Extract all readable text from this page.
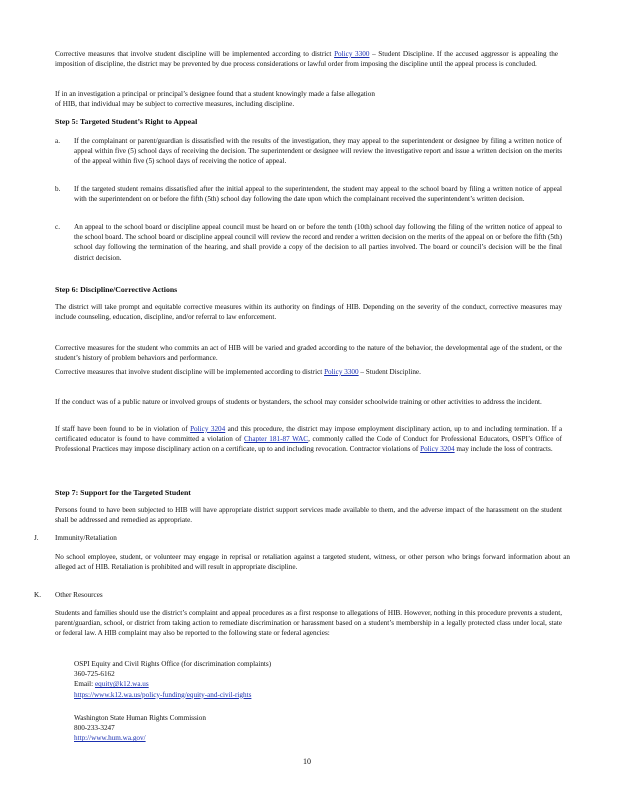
Corrective measures that involve student discipline will be implemented according to district Policy 3300 – Student Discipline. If the accused aggressor is appealing the imposition of discipline, the district may be prevented by due process considerations or lawful order from imposing the discipline until the appeal process is concluded.
If in an investigation a principal or principal’s designee found that a student knowingly made a false allegation of HIB, that individual may be subject to corrective measures, including discipline.
Step 5: Targeted Student’s Right to Appeal
a. If the complainant or parent/guardian is dissatisfied with the results of the investigation, they may appeal to the superintendent or designee by filing a written notice of appeal within five (5) school days of receiving the decision. The superintendent or designee will review the investigative report and issue a written decision on the merits of the appeal within five (5) school days of receiving the notice of appeal.
b. If the targeted student remains dissatisfied after the initial appeal to the superintendent, the student may appeal to the school board by filing a written notice of appeal with the superintendent on or before the fifth (5th) school day following the date upon which the complainant received the superintendent’s written decision.
c. An appeal to the school board or discipline appeal council must be heard on or before the tenth (10th) school day following the filing of the written notice of appeal to the school board. The school board or discipline appeal council will review the record and render a written decision on the merits of the appeal on or before the fifth (5th) school day following the termination of the hearing, and shall provide a copy of the decision to all parties involved. The board or council’s decision will be the final district decision.
Step 6: Discipline/Corrective Actions
The district will take prompt and equitable corrective measures within its authority on findings of HIB. Depending on the severity of the conduct, corrective measures may include counseling, education, discipline, and/or referral to law enforcement.
Corrective measures for the student who commits an act of HIB will be varied and graded according to the nature of the behavior, the developmental age of the student, or the student’s history of problem behaviors and performance.
Corrective measures that involve student discipline will be implemented according to district Policy 3300 – Student Discipline.
If the conduct was of a public nature or involved groups of students or bystanders, the school may consider schoolwide training or other activities to address the incident.
If staff have been found to be in violation of Policy 3204 and this procedure, the district may impose employment disciplinary action, up to and including termination. If a certificated educator is found to have committed a violation of Chapter 181-87 WAC, commonly called the Code of Conduct for Professional Educators, OSPI’s Office of Professional Practices may impose disciplinary action on a certificate, up to and including revocation. Contractor violations of Policy 3204 may include the loss of contracts.
Step 7: Support for the Targeted Student
Persons found to have been subjected to HIB will have appropriate district support services made available to them, and the adverse impact of the harassment on the student shall be addressed and remedied as appropriate.
J. Immunity/Retaliation
No school employee, student, or volunteer may engage in reprisal or retaliation against a targeted student, witness, or other person who brings forward information about an alleged act of HIB. Retaliation is prohibited and will result in appropriate discipline.
K. Other Resources
Students and families should use the district’s complaint and appeal procedures as a first response to allegations of HIB. However, nothing in this procedure prevents a student, parent/guardian, school, or district from taking action to remediate discrimination or harassment based on a student’s membership in a legally protected class under local, state or federal law. A HIB complaint may also be reported to the following state or federal agencies:
OSPI Equity and Civil Rights Office (for discrimination complaints)
360-725-6162
Email: equity@k12.wa.us
https://www.k12.wa.us/policy-funding/equity-and-civil-rights
Washington State Human Rights Commission
800-233-3247
http://www.hum.wa.gov/
10
